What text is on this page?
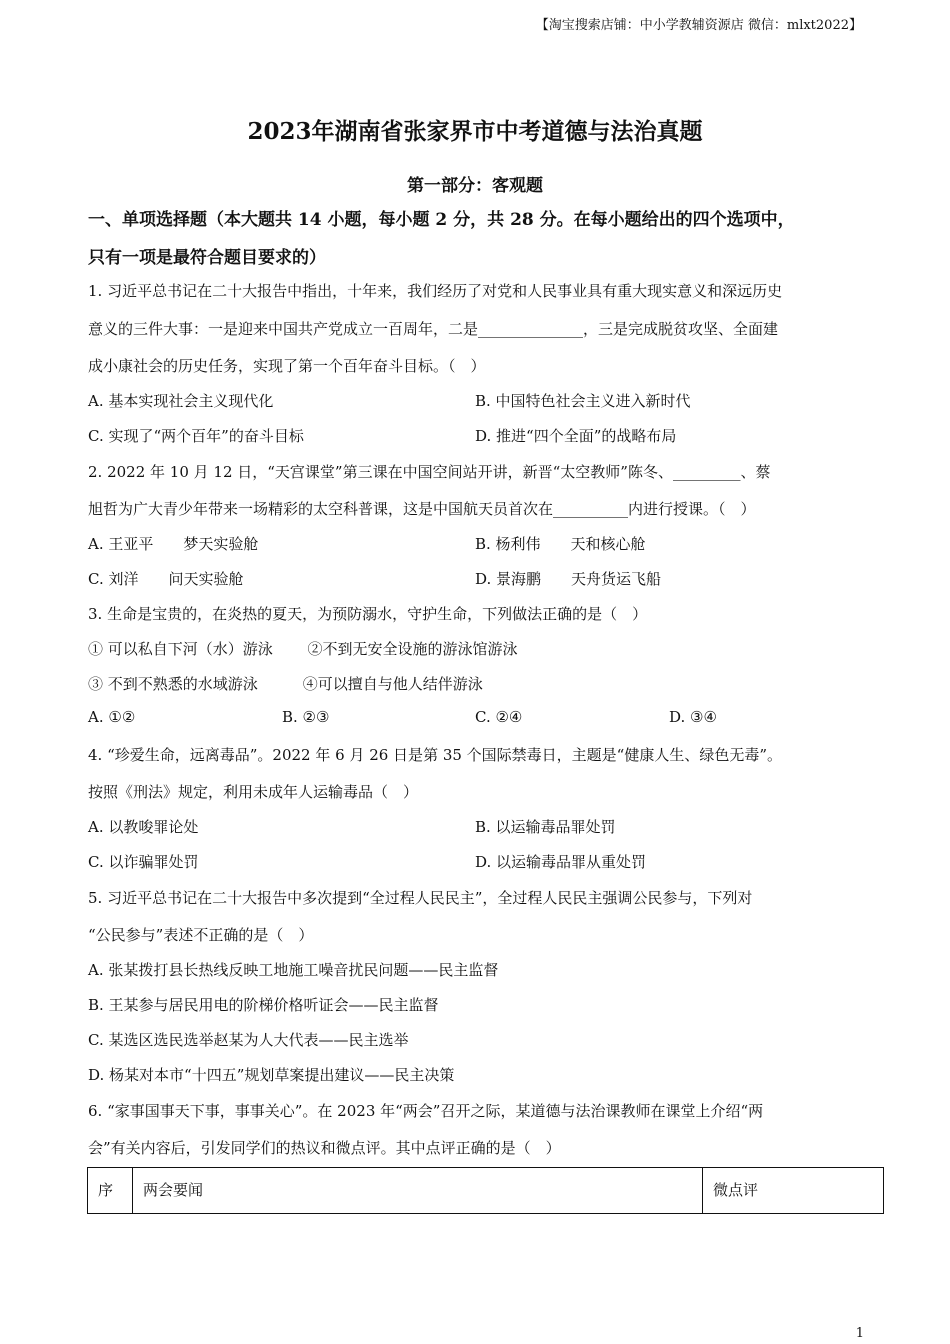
【淘宝搜索店铺：中小学教辅资源店 微信：mlxt2022】
2023年湖南省张家界市中考道德与法治真题
第一部分：客观题
一、单项选择题（本大题共 14 小题，每小题 2 分，共 28 分。在每小题给出的四个选项中，
只有一项是最符合题目要求的）
1. 习近平总书记在二十大报告中指出，十年来，我们经历了对党和人民事业具有重大现实意义和深远历史
意义的三件大事：一是迎来中国共产党成立一百周年，二是______________，三是完成脱贫攻坚、全面建
成小康社会的历史任务，实现了第一个百年奋斗目标。（　）
A. 基本实现社会主义现代化	B. 中国特色社会主义进入新时代
C. 实现了“两个百年”的奋斗目标	D. 推进“四个全面”的战略布局
2. 2022 年 10 月 12 日，“天宫课堂”第三课在中国空间站开讲，新晋“太空教师”陈冬、_________、蔡
旭哲为广大青少年带来一场精彩的太空科普课，这是中国航天员首次在__________内进行授课。（　）
A. 王亚平　　梦天实验舱	B. 杨利伟　　天和核心舱
C. 刘洋　　问天实验舱	D. 景海鹏　　天舟货运飞船
3. 生命是宝贵的，在炎热的夏天，为预防溺水，守护生命，下列做法正确的是（　）
① 可以私自下河（水）游泳　　 ②不到无安全设施的游泳馆游泳
③ 不到不熟悉的水域游泳　　　④可以擅自与他人结伴游泳
A. ①②	B. ②③	C. ②④	D. ③④
4. “珍爱生命，远离毒品”。2022 年 6 月 26 日是第 35 个国际禁毒日，主题是“健康人生、绿色无毒”。
按照《刑法》规定，利用未成年人运输毒品（　）
A. 以教唆罪论处	B. 以运输毒品罪处罚
C. 以诈骗罪处罚	D. 以运输毒品罪从重处罚
5. 习近平总书记在二十大报告中多次提到“全过程人民民主”，全过程人民民主强调公民参与，下列对
“公民参与”表述不正确的是（　）
A. 张某拨打县长热线反映工地施工噪音扰民问题——民主监督
B. 王某参与居民用电的阶梯价格听证会——民主监督
C. 某选区选民选举赵某为人大代表——民主选举
D. 杨某对本市“十四五”规划草案提出建议——民主决策
6. “家事国事天下事，事事关心”。在 2023 年“两会”召开之际，某道德与法治课教师在课堂上介绍“两
会”有关内容后，引发同学们的热议和微点评。其中点评正确的是（　）
序	两会要闻	微点评
1
